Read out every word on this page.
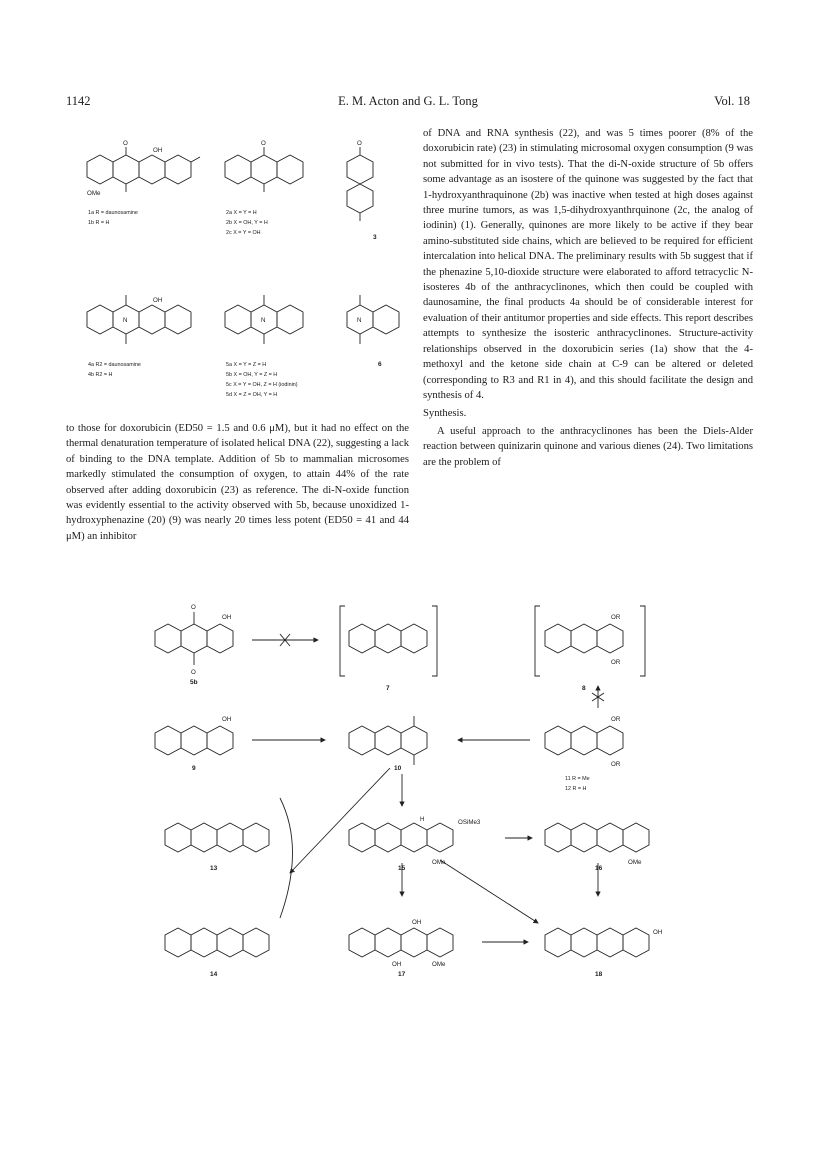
1142	E. M. Acton and G. L. Tong	Vol. 18
O
OH
OMe
O	O
N	N	N
OH
1a R = daunosamine
1b R = H
2a X = Y = H
2b X = OH, Y = H
2c X = Y = OH
3
4a R2 = daunosamine
4b R2 = H
5a X = Y = Z = H
5b X = OH, Y = Z = H
5c X = Y = OH, Z = H (iodinin)
5d X = Z = OH, Y = H
6

to those for doxorubicin (ED50 = 1.5 and 0.6 μM), but it had no effect on the thermal denaturation temperature of isolated helical DNA (22), suggesting a lack of binding to the DNA template. Addition of 5b to mammalian microsomes markedly stimulated the consumption of oxygen, to attain 44% of the rate observed after adding doxorubicin (23) as reference. The di-N-oxide function was evidently essential to the activity observed with 5b, because unoxidized 1-hydroxyphenazine (20) (9) was nearly 20 times less potent (ED50 = 41 and 44 μM) an inhibitor

of DNA and RNA synthesis (22), and was 5 times poorer (8% of the doxorubicin rate) (23) in stimulating microsomal oxygen consumption (9 was not submitted for in vivo tests). That the di-N-oxide structure of 5b offers some advantage as an isostere of the quinone was suggested by the fact that 1-hydroxyanthraquinone (2b) was inactive when tested at high doses against three murine tumors, as was 1,5-dihydroxyanthrquinone (2c, the analog of iodinin) (1). Generally, quinones are more likely to be active if they bear amino-substituted side chains, which are believed to be required for efficient intercalation into helical DNA. The preliminary results with 5b suggest that if the phenazine 5,10-dioxide structure were elaborated to afford tetracyclic N-isosteres 4b of the anthracyclinones, which then could be coupled with daunosamine, the final products 4a should be of considerable interest for evaluation of their antitumor properties and side effects. This report describes attempts to synthesize the isosteric anthracyclinones. Structure-activity relationships observed in the doxorubicin series (1a) show that the 4-methoxyl and the ketone side chain at C-9 can be altered or deleted (corresponding to R3 and R1 in 4), and this should facilitate the design and synthesis of 4.

Synthesis.

A useful approach to the anthracyclinones has been the Diels-Alder reaction between quinizarin quinone and various dienes (24). Two limitations are the problem of

O
OH
O
OR
OR
OH	OR
OR
OSiMe3
OMe
OMe
OMe
OH
OH
OH
H
5b
7	8
9	10
11 R = Me
12 R = H
13	15	16
14	17	18
